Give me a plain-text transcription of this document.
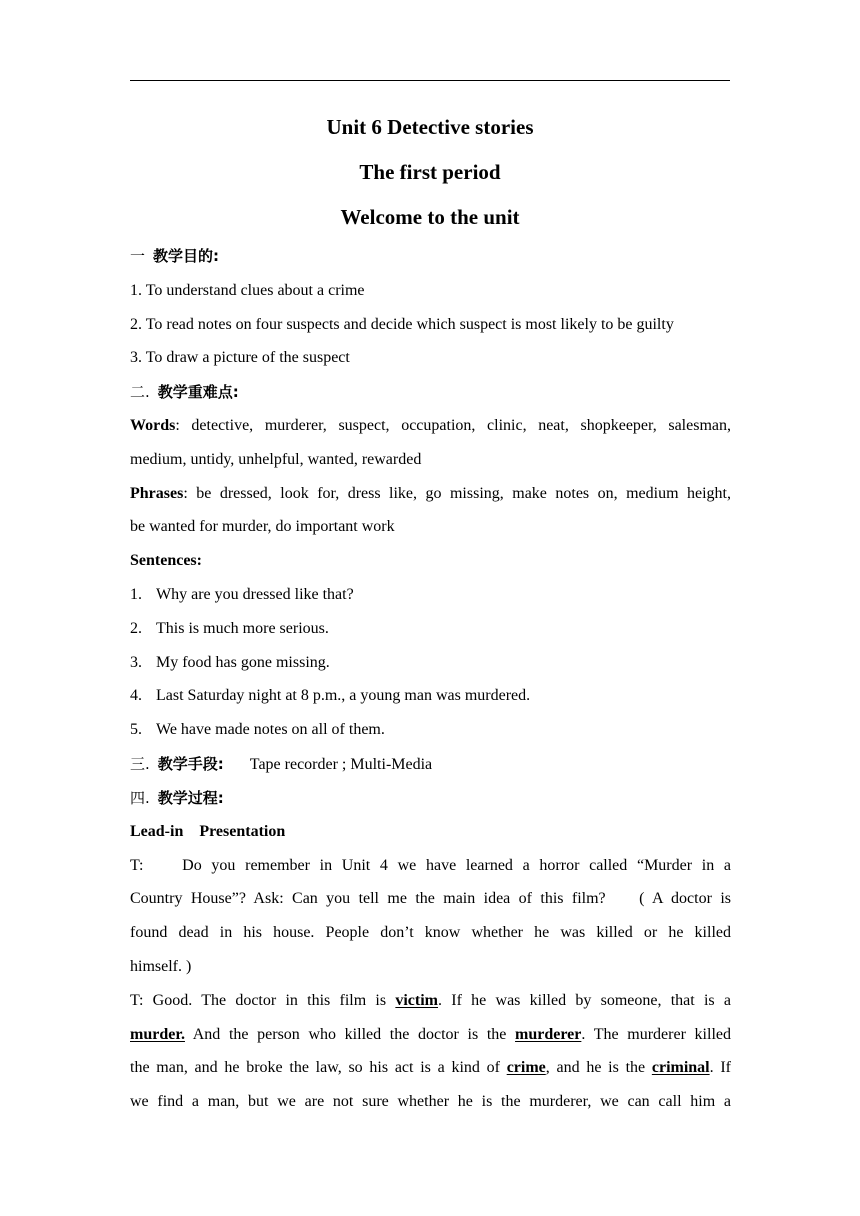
Unit 6 Detective stories
The first period
Welcome to the unit
一 教学目的:
1. To understand clues about a crime
2. To read notes on four suspects and decide which suspect is most likely to be guilty
3. To draw a picture of the suspect
二. 教学重难点:
Words: detective, murderer, suspect, occupation, clinic, neat, shopkeeper, salesman,
medium, untidy, unhelpful, wanted, rewarded
Phrases: be dressed, look for, dress like, go missing, make notes on, medium height,
be wanted for murder, do important work
Sentences:
1. Why are you dressed like that?
2. This is much more serious.
3. My food has gone missing.
4. Last Saturday night at 8 p.m., a young man was murdered.
5. We have made notes on all of them.
三. 教学手段: Tape recorder ; Multi-Media
四. 教学过程:
Lead-in    Presentation
T:    Do you remember in Unit 4 we have learned a horror called “Murder in a
Country House”? Ask: Can you tell me the main idea of this film?    ( A doctor is
found dead in his house. People don’t know whether he was killed or he killed
himself. )
T: Good. The doctor in this film is victim. If he was killed by someone, that is a
murder. And the person who killed the doctor is the murderer. The murderer killed
the man, and he broke the law, so his act is a kind of crime, and he is the criminal. If
we find a man, but we are not sure whether he is the murderer, we can call him a
